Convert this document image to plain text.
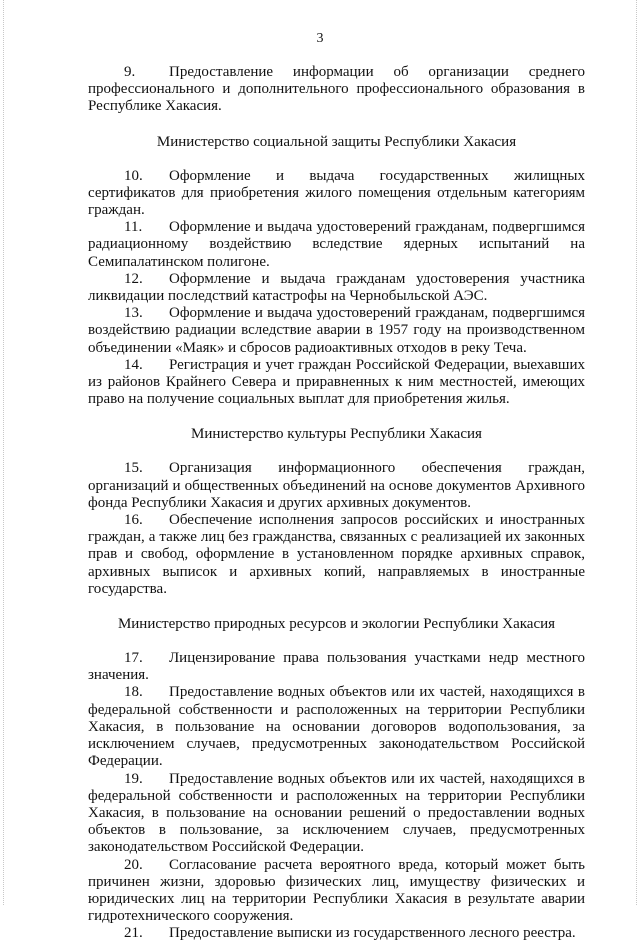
3

9. Предоставление информации об организации среднего профессионального и дополнительного профессионального образования в Республике Хакасия.

Министерство социальной защиты Республики Хакасия

10. Оформление и выдача государственных жилищных сертификатов для приобретения жилого помещения отдельным категориям граждан.

11. Оформление и выдача удостоверений гражданам, подвергшимся радиационному воздействию вследствие ядерных испытаний на Семипалатинском полигоне.

12. Оформление и выдача гражданам удостоверения участника ликвидации последствий катастрофы на Чернобыльской АЭС.

13. Оформление и выдача удостоверений гражданам, подвергшимся воздействию радиации вследствие аварии в 1957 году на производственном объединении «Маяк» и сбросов радиоактивных отходов в реку Теча.

14. Регистрация и учет граждан Российской Федерации, выехавших из районов Крайнего Севера и приравненных к ним местностей, имеющих право на получение социальных выплат для приобретения жилья.

Министерство культуры Республики Хакасия

15. Организация информационного обеспечения граждан, организаций и общественных объединений на основе документов Архивного фонда Республики Хакасия и других архивных документов.

16. Обеспечение исполнения запросов российских и иностранных граждан, а также лиц без гражданства, связанных с реализацией их законных прав и свобод, оформление в установленном порядке архивных справок, архивных выписок и архивных копий, направляемых в иностранные государства.

Министерство природных ресурсов и экологии Республики Хакасия

17. Лицензирование права пользования участками недр местного значения.

18. Предоставление водных объектов или их частей, находящихся в федеральной собственности и расположенных на территории Республики Хакасия, в пользование на основании договоров водопользования, за исключением случаев, предусмотренных законодательством Российской Федерации.

19. Предоставление водных объектов или их частей, находящихся в федеральной собственности и расположенных на территории Республики Хакасия, в пользование на основании решений о предоставлении водных объектов в пользование, за исключением случаев, предусмотренных законодательством Российской Федерации.

20. Согласование расчета вероятного вреда, который может быть причинен жизни, здоровью физических лиц, имуществу физических и юридических лиц на территории Республики Хакасия в результате аварии гидротехнического сооружения.

21. Предоставление выписки из государственного лесного реестра.
